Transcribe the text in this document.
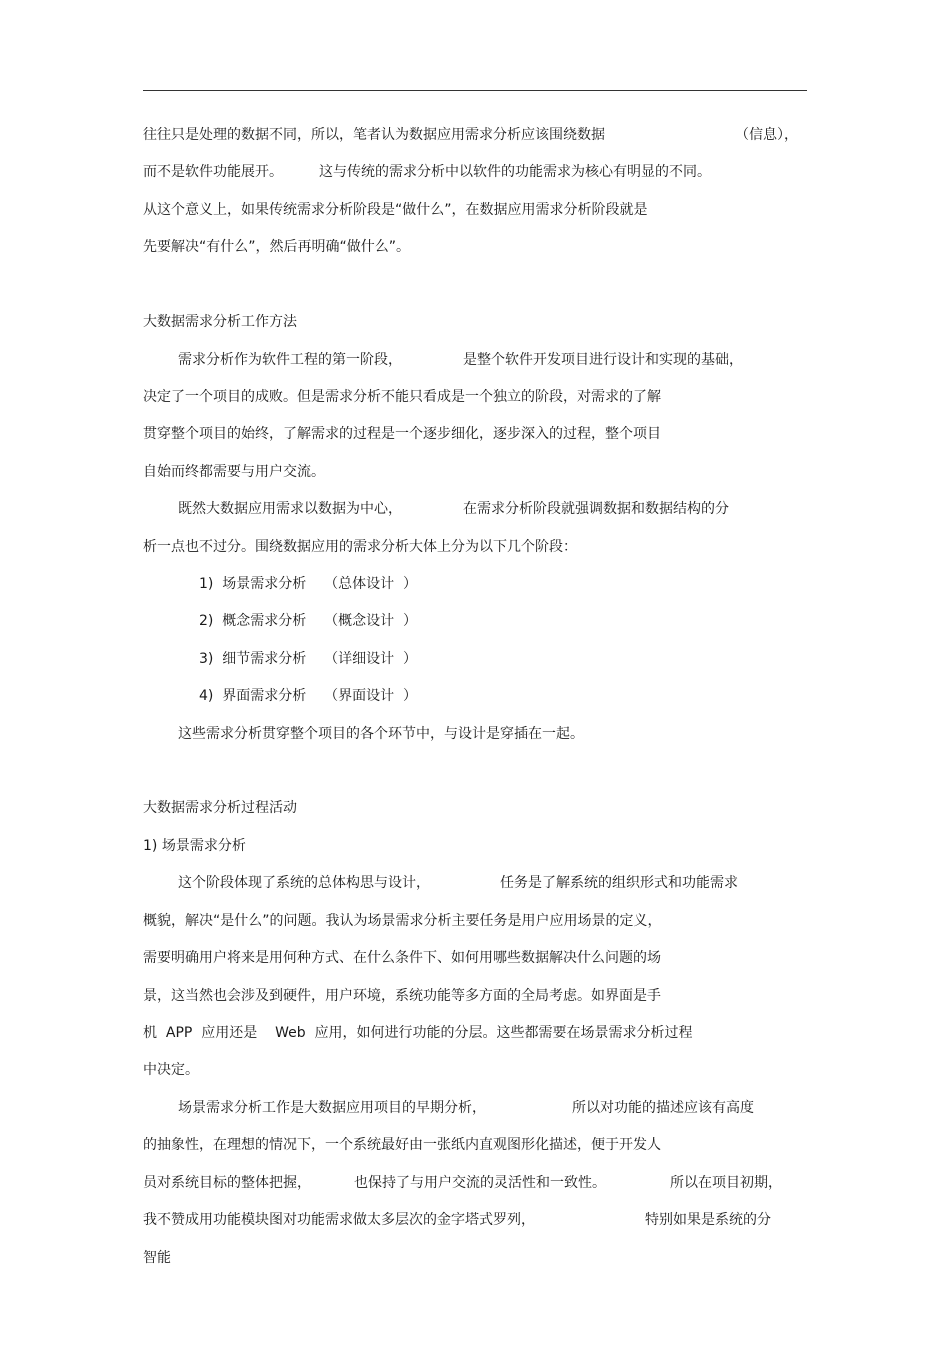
往往只是处理的数据不同，所以，笔者认为数据应用需求分析应该围绕数据	（信息），
而不是软件功能展开。	这与传统的需求分析中以软件的功能需求为核心有明显的不同。
从这个意义上，如果传统需求分析阶段是“做什么”，在数据应用需求分析阶段就是
先要解决“有什么”，然后再明确“做什么”。
大数据需求分析工作方法
需求分析作为软件工程的第一阶段，	是整个软件开发项目进行设计和实现的基础，
决定了一个项目的成败。但是需求分析不能只看成是一个独立的阶段，对需求的了解
贯穿整个项目的始终，了解需求的过程是一个逐步细化，逐步深入的过程，整个项目
自始而终都需要与用户交流。
既然大数据应用需求以数据为中心，	在需求分析阶段就强调数据和数据结构的分
析一点也不过分。围绕数据应用的需求分析大体上分为以下几个阶段：
1)  场景需求分析    （总体设计  ）
2)  概念需求分析    （概念设计  ）
3)  细节需求分析    （详细设计  ）
4)  界面需求分析    （界面设计  ）
这些需求分析贯穿整个项目的各个环节中，与设计是穿插在一起。
大数据需求分析过程活动
1) 场景需求分析
这个阶段体现了系统的总体构思与设计，	任务是了解系统的组织形式和功能需求
概貌，解决“是什么”的问题。我认为场景需求分析主要任务是用户应用场景的定义，
需要明确用户将来是用何种方式、在什么条件下、如何用哪些数据解决什么问题的场
景，这当然也会涉及到硬件，用户环境，系统功能等多方面的全局考虑。如界面是手
机  APP  应用还是    Web  应用，如何进行功能的分层。这些都需要在场景需求分析过程
中决定。
场景需求分析工作是大数据应用项目的早期分析，	所以对功能的描述应该有高度
的抽象性，在理想的情况下，一个系统最好由一张纸内直观图形化描述，便于开发人
员对系统目标的整体把握，	也保持了与用户交流的灵活性和一致性。	所以在项目初期，
我不赞成用功能模块图对功能需求做太多层次的金字塔式罗列，	特别如果是系统的分
智能
